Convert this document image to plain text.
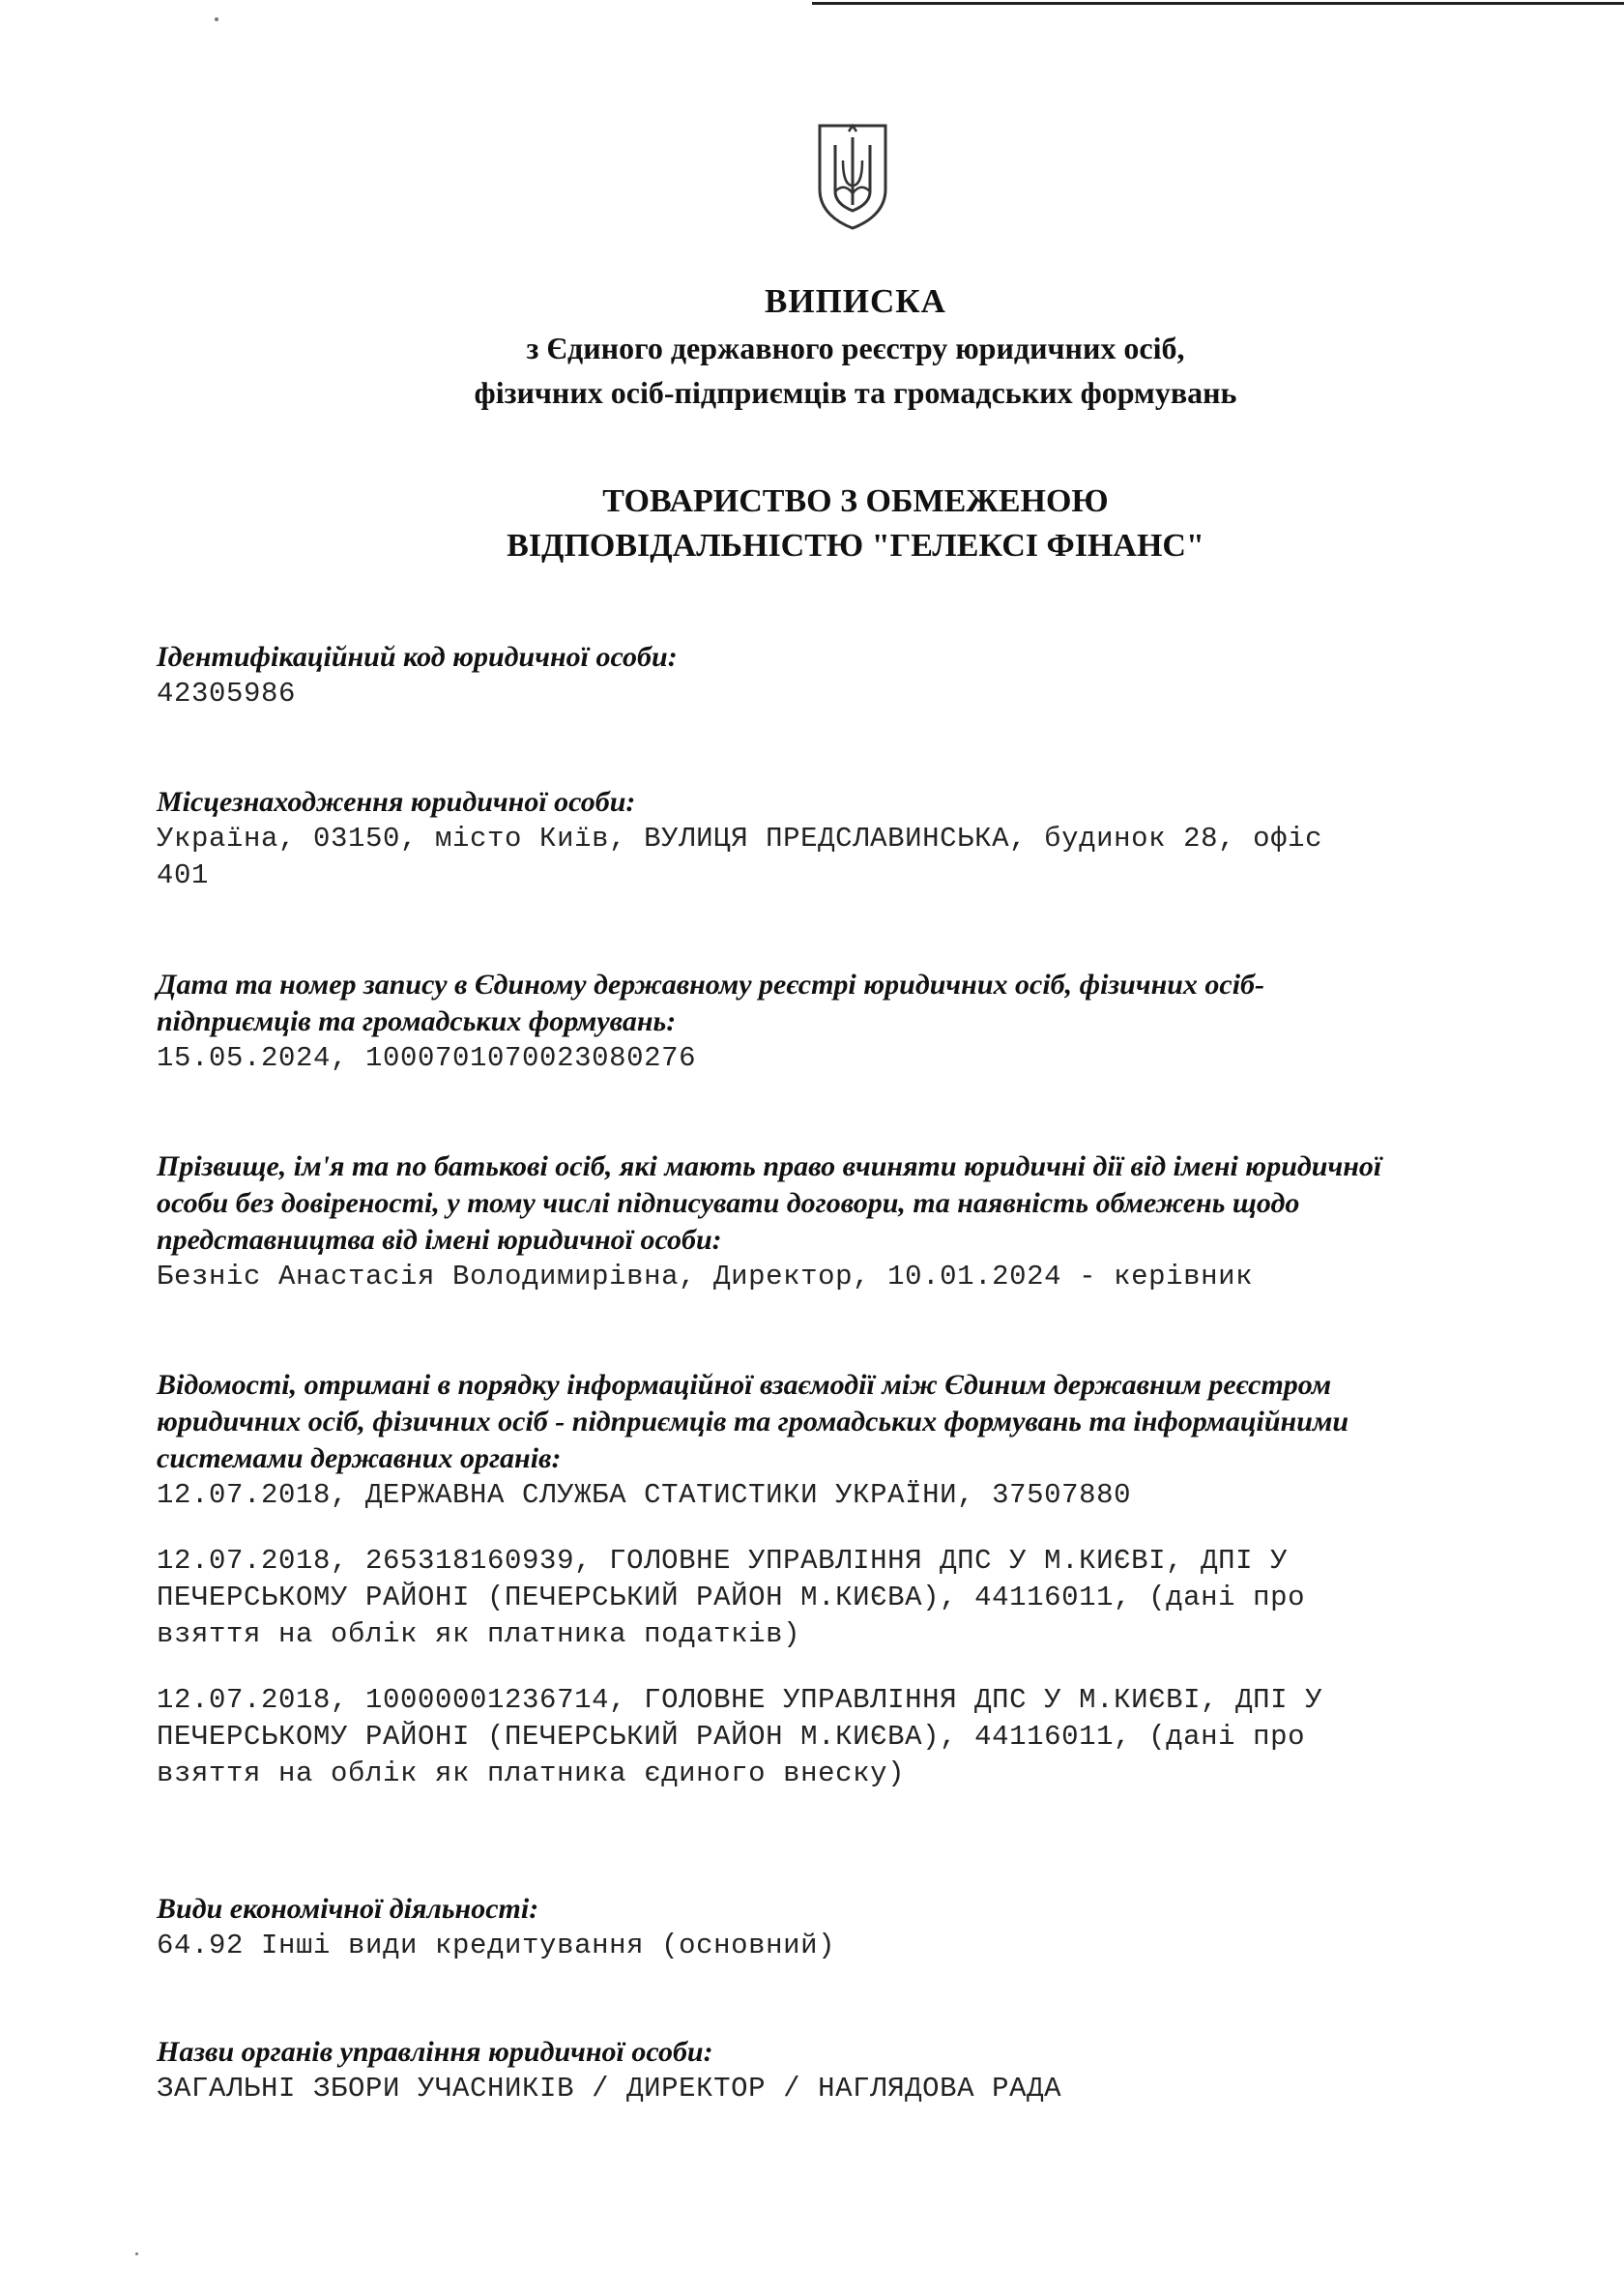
ВИПИСКА
з Єдиного державного реєстру юридичних осіб,
фізичних осіб-підприємців та громадських формувань
ТОВАРИСТВО З ОБМЕЖЕНОЮ
ВІДПОВІДАЛЬНІСТЮ "ГЕЛЕКСІ ФІНАНС"

Ідентифікаційний код юридичної особи:

42305986

Місцезнаходження юридичної особи:

Україна, 03150, місто Київ, ВУЛИЦЯ ПРЕДСЛАВИНСЬКА, будинок 28, офіс
401

Дата та номер запису в Єдиному державному реєстрі юридичних осіб, фізичних осіб-
підприємців та громадських формувань:

15.05.2024, 1000701070023080276

Прізвище, ім'я та по батькові осіб, які мають право вчиняти юридичні дії від імені юридичної
особи без довіреності, у тому числі підписувати договори, та наявність обмежень щодо
представництва від імені юридичної особи:

Безніс Анастасія Володимирівна, Директор, 10.01.2024 - керівник

Відомості, отримані в порядку інформаційної взаємодії між Єдиним державним реєстром
юридичних осіб, фізичних осіб - підприємців та громадських формувань та інформаційними
системами державних органів:

12.07.2018, ДЕРЖАВНА СЛУЖБА СТАТИСТИКИ УКРАЇНИ, 37507880

12.07.2018, 265318160939, ГОЛОВНЕ УПРАВЛІННЯ ДПС У М.КИЄВІ, ДПІ У
ПЕЧЕРСЬКОМУ РАЙОНІ (ПЕЧЕРСЬКИЙ РАЙОН М.КИЄВА), 44116011, (дані про
взяття на облік як платника податків)

12.07.2018, 10000001236714, ГОЛОВНЕ УПРАВЛІННЯ ДПС У М.КИЄВІ, ДПІ У
ПЕЧЕРСЬКОМУ РАЙОНІ (ПЕЧЕРСЬКИЙ РАЙОН М.КИЄВА), 44116011, (дані про
взяття на облік як платника єдиного внеску)

Види економічної діяльності:

64.92 Інші види кредитування (основний)

Назви органів управління юридичної особи:

ЗАГАЛЬНІ ЗБОРИ УЧАСНИКІВ / ДИРЕКТОР / НАГЛЯДОВА РАДА
